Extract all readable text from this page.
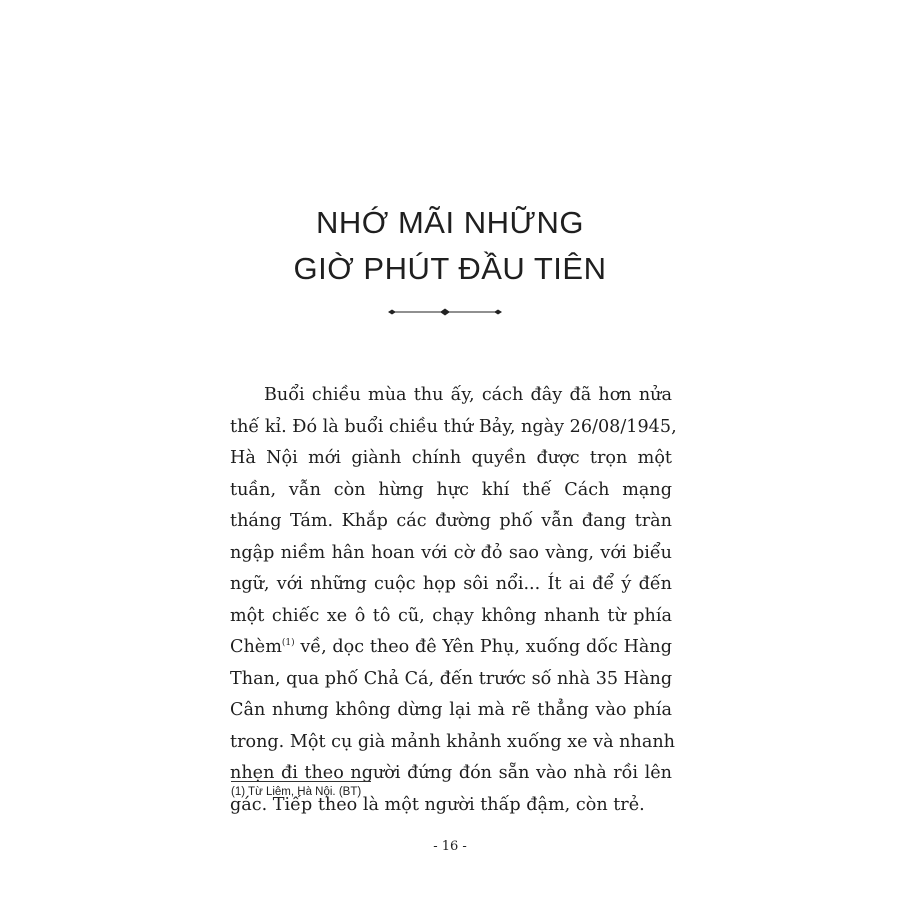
NHỚ MÃI NHỮNG
GIỜ PHÚT ĐẦU TIÊN
Buổi chiều mùa thu ấy, cách đây đã hơn nửa
thế kỉ. Đó là buổi chiều thứ Bảy, ngày 26/08/1945,
Hà Nội mới giành chính quyền được trọn một
tuần, vẫn còn hừng hực khí thế Cách mạng
tháng Tám. Khắp các đường phố vẫn đang tràn
ngập niềm hân hoan với cờ đỏ sao vàng, với biểu
ngữ, với những cuộc họp sôi nổi... Ít ai để ý đến
một chiếc xe ô tô cũ, chạy không nhanh từ phía
Chèm$^{(1)}$ về, dọc theo đê Yên Phụ, xuống dốc Hàng
Than, qua phố Chả Cá, đến trước số nhà 35 Hàng
Cân nhưng không dừng lại mà rẽ thẳng vào phía
trong. Một cụ già mảnh khảnh xuống xe và nhanh
nhẹn đi theo người đứng đón sẵn vào nhà rồi lên
gác. Tiếp theo là một người thấp đậm, còn trẻ.
(1) Từ Liêm, Hà Nội. (BT)
- 16 -
